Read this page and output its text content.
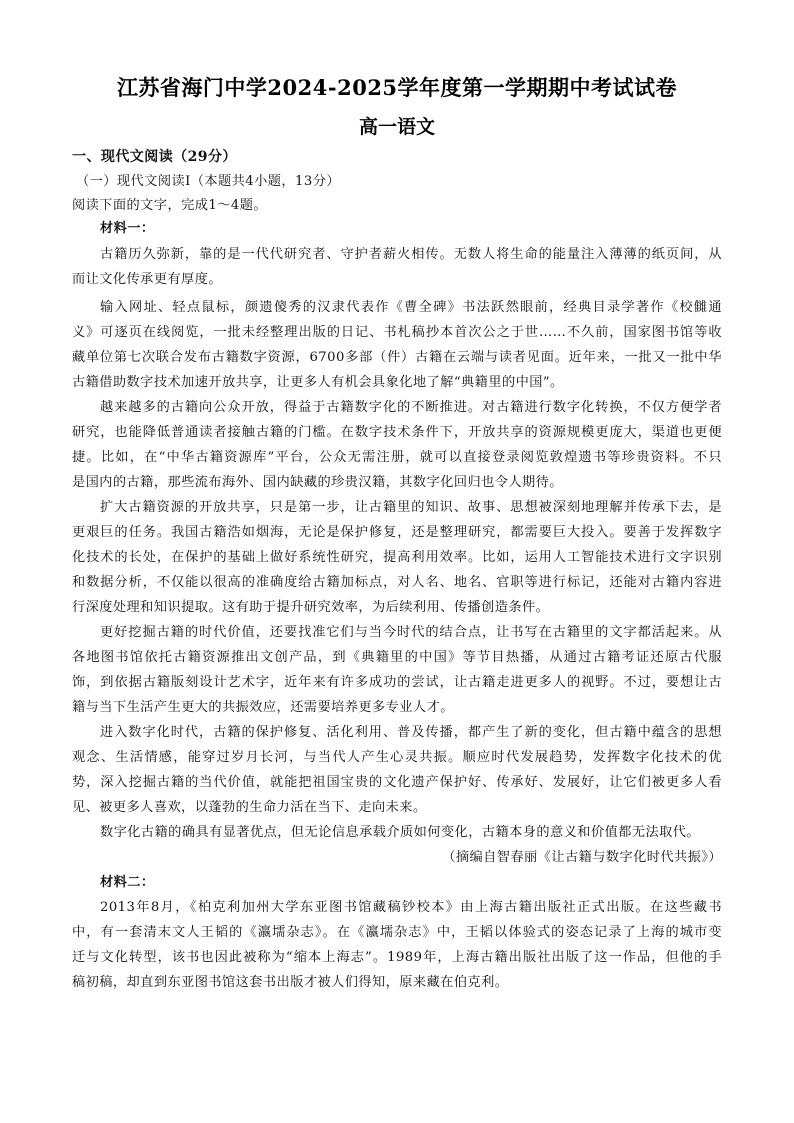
江苏省海门中学2024-2025学年度第一学期期中考试试卷
高一语文
一、现代文阅读（29分）
（一）现代文阅读Ⅰ（本题共4小题，13分）
阅读下面的文字，完成1～4题。
材料一：
古籍历久弥新，靠的是一代代研究者、守护者薪火相传。无数人将生命的能量注入薄薄的纸页间，从
而让文化传承更有厚度。
输入网址、轻点鼠标，颜遗傻秀的汉隶代表作《曹全碑》书法跃然眼前，经典目录学著作《校雠通
义》可逐页在线阅览，一批未经整理出版的日记、书札稿抄本首次公之于世……不久前，国家图书馆等收
藏单位第七次联合发布古籍数字资源，6700多部（件）古籍在云端与读者见面。近年来，一批又一批中华
古籍借助数字技术加速开放共享，让更多人有机会具象化地了解“典籍里的中国”。
越来越多的古籍向公众开放，得益于古籍数字化的不断推进。对古籍进行数字化转换，不仅方便学者
研究，也能降低普通读者接触古籍的门槛。在数字技术条件下，开放共享的资源规模更庞大，渠道也更便
捷。比如，在“中华古籍资源库”平台，公众无需注册，就可以直接登录阅览敦煌遗书等珍贵资料。不只
是国内的古籍，那些流布海外、国内缺藏的珍贵汉籍，其数字化回归也令人期待。
扩大古籍资源的开放共享，只是第一步，让古籍里的知识、故事、思想被深刻地理解并传承下去，是
更艰巨的任务。我国古籍浩如烟海，无论是保护修复，还是整理研究，都需要巨大投入。要善于发挥数字
化技术的长处，在保护的基础上做好系统性研究，提高利用效率。比如，运用人工智能技术进行文字识别
和数据分析，不仅能以很高的准确度给古籍加标点，对人名、地名、官职等进行标记，还能对古籍内容进
行深度处理和知识提取。这有助于提升研究效率，为后续利用、传播创造条件。
更好挖掘古籍的时代价值，还要找准它们与当今时代的结合点，让书写在古籍里的文字都活起来。从
各地图书馆依托古籍资源推出文创产品，到《典籍里的中国》等节目热播，从通过古籍考证还原古代服
饰，到依据古籍版刻设计艺术字，近年来有许多成功的尝试，让古籍走进更多人的视野。不过，要想让古
籍与当下生活产生更大的共振效应，还需要培养更多专业人才。
进入数字化时代，古籍的保护修复、活化利用、普及传播，都产生了新的变化，但古籍中蕴含的思想
观念、生活情感，能穿过岁月长河，与当代人产生心灵共振。顺应时代发展趋势，发挥数字化技术的优
势，深入挖掘古籍的当代价值，就能把祖国宝贵的文化遗产保护好、传承好、发展好，让它们被更多人看
见、被更多人喜欢，以蓬勃的生命力活在当下、走向未来。
数字化古籍的确具有显著优点，但无论信息承载介质如何变化，古籍本身的意义和价值都无法取代。
（摘编自智春丽《让古籍与数字化时代共振》）
材料二：
2013年8月，《柏克利加州大学东亚图书馆藏稿钞校本》由上海古籍出版社正式出版。在这些藏书
中，有一套清末文人王韬的《瀛壖杂志》。在《瀛壖杂志》中，王韬以体验式的姿态记录了上海的城市变
迁与文化转型，该书也因此被称为“缩本上海志”。1989年，上海古籍出版社出版了这一作品，但他的手
稿初稿，却直到东亚图书馆这套书出版才被人们得知，原来藏在伯克利。
